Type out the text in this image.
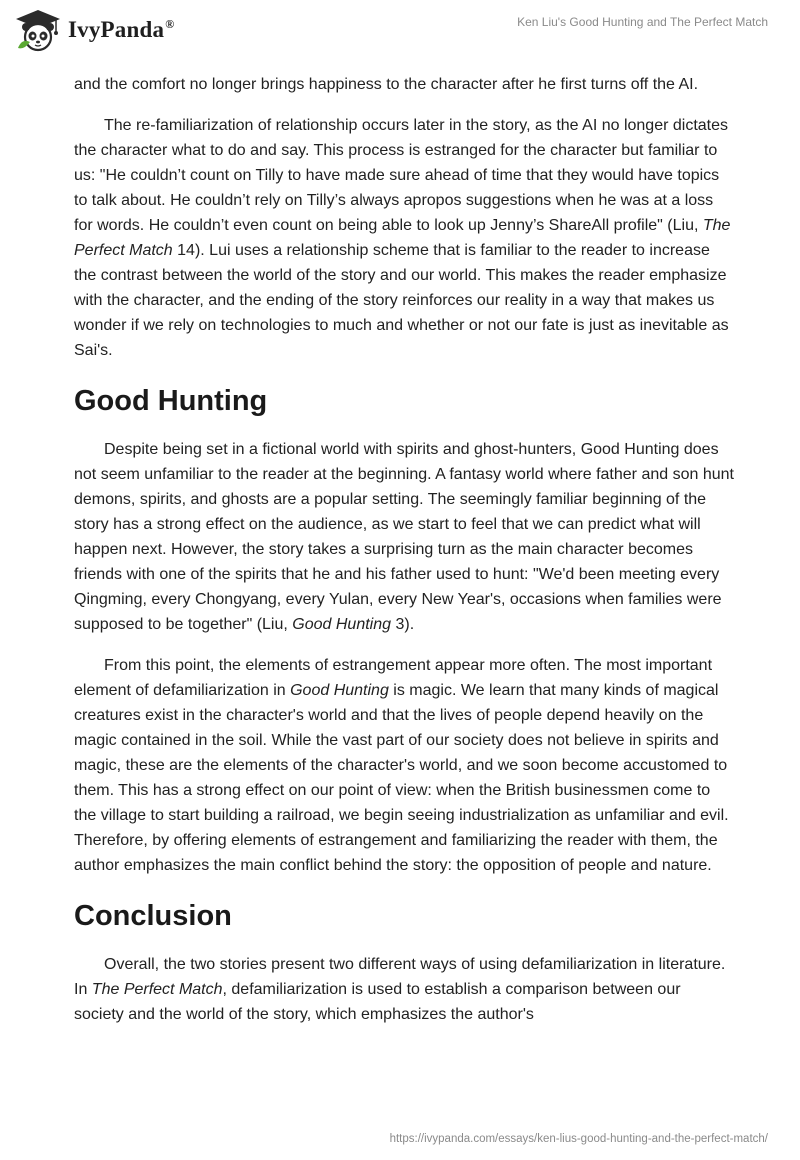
IvyPanda®	Ken Liu's Good Hunting and The Perfect Match

and the comfort no longer brings happiness to the character after he first turns off the AI.

The re-familiarization of relationship occurs later in the story, as the AI no longer dictates the character what to do and say. This process is estranged for the character but familiar to us: "He couldn’t count on Tilly to have made sure ahead of time that they would have topics to talk about. He couldn’t rely on Tilly’s always apropos suggestions when he was at a loss for words. He couldn’t even count on being able to look up Jenny’s ShareAll profile" (Liu, The Perfect Match 14). Lui uses a relationship scheme that is familiar to the reader to increase the contrast between the world of the story and our world. This makes the reader emphasize with the character, and the ending of the story reinforces our reality in a way that makes us wonder if we rely on technologies to much and whether or not our fate is just as inevitable as Sai's.

Good Hunting

Despite being set in a fictional world with spirits and ghost-hunters, Good Hunting does not seem unfamiliar to the reader at the beginning. A fantasy world where father and son hunt demons, spirits, and ghosts are a popular setting. The seemingly familiar beginning of the story has a strong effect on the audience, as we start to feel that we can predict what will happen next. However, the story takes a surprising turn as the main character becomes friends with one of the spirits that he and his father used to hunt: "We'd been meeting every Qingming, every Chongyang, every Yulan, every New Year's, occasions when families were supposed to be together" (Liu, Good Hunting 3).

From this point, the elements of estrangement appear more often. The most important element of defamiliarization in Good Hunting is magic. We learn that many kinds of magical creatures exist in the character's world and that the lives of people depend heavily on the magic contained in the soil. While the vast part of our society does not believe in spirits and magic, these are the elements of the character's world, and we soon become accustomed to them. This has a strong effect on our point of view: when the British businessmen come to the village to start building a railroad, we begin seeing industrialization as unfamiliar and evil. Therefore, by offering elements of estrangement and familiarizing the reader with them, the author emphasizes the main conflict behind the story: the opposition of people and nature.

Conclusion

Overall, the two stories present two different ways of using defamiliarization in literature. In The Perfect Match, defamiliarization is used to establish a comparison between our society and the world of the story, which emphasizes the author's

https://ivypanda.com/essays/ken-lius-good-hunting-and-the-perfect-match/
